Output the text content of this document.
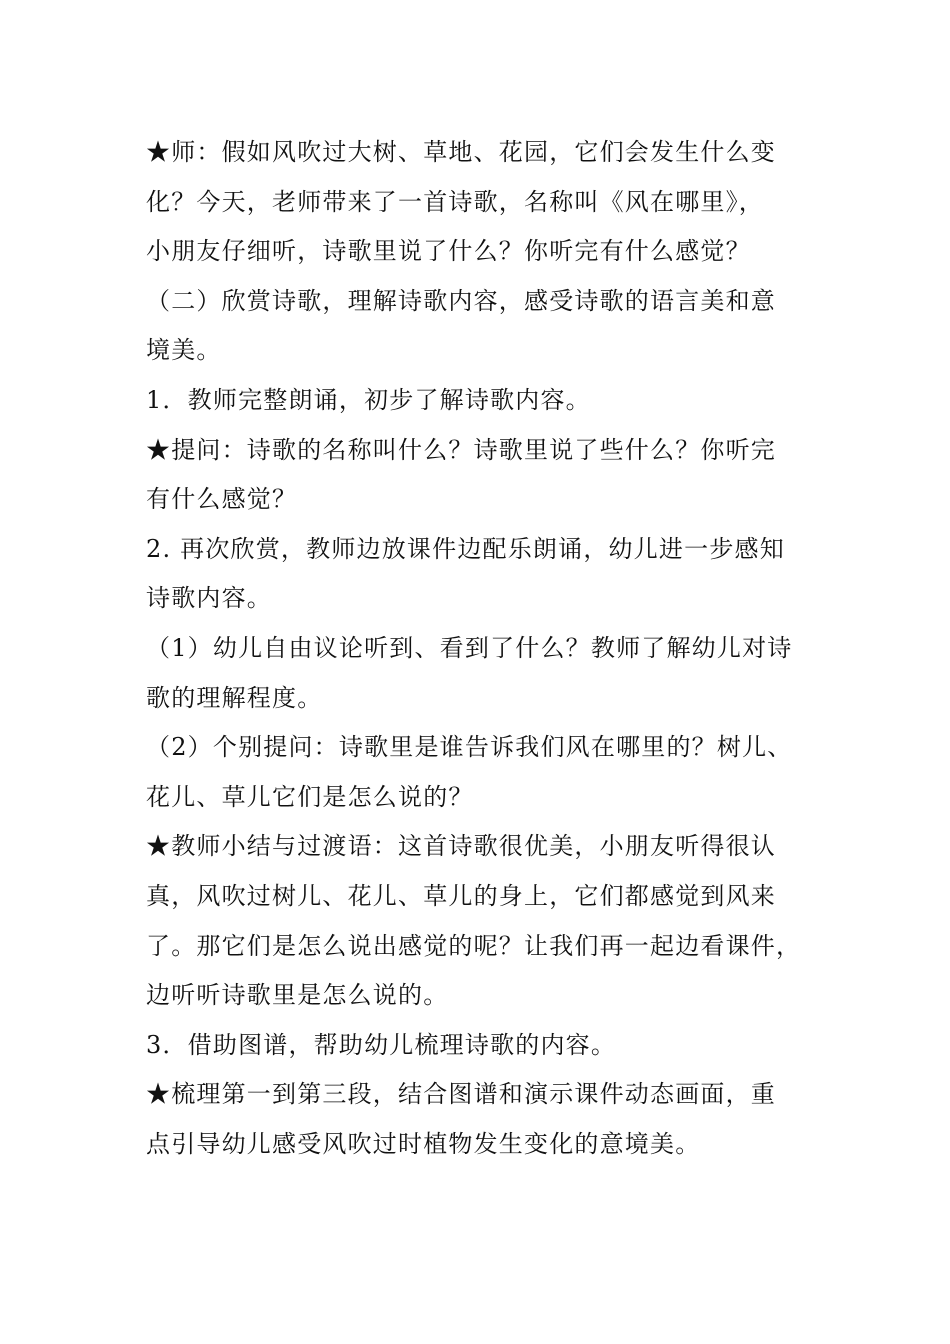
★师：假如风吹过大树、草地、花园，它们会发生什么变
化？今天，老师带来了一首诗歌，名称叫《风在哪里》，
小朋友仔细听，诗歌里说了什么？你听完有什么感觉？
（二）欣赏诗歌，理解诗歌内容，感受诗歌的语言美和意
境美。
1．教师完整朗诵，初步了解诗歌内容。
★提问：诗歌的名称叫什么？诗歌里说了些什么？你听完
有什么感觉？
2. 再次欣赏，教师边放课件边配乐朗诵，幼儿进一步感知
诗歌内容。
（1）幼儿自由议论听到、看到了什么？教师了解幼儿对诗
歌的理解程度。
（2）个别提问：诗歌里是谁告诉我们风在哪里的？树儿、
花儿、草儿它们是怎么说的？
★教师小结与过渡语：这首诗歌很优美，小朋友听得很认
真，风吹过树儿、花儿、草儿的身上，它们都感觉到风来
了。那它们是怎么说出感觉的呢？让我们再一起边看课件，
边听听诗歌里是怎么说的。
3．借助图谱，帮助幼儿梳理诗歌的内容。
★梳理第一到第三段，结合图谱和演示课件动态画面，重
点引导幼儿感受风吹过时植物发生变化的意境美。
